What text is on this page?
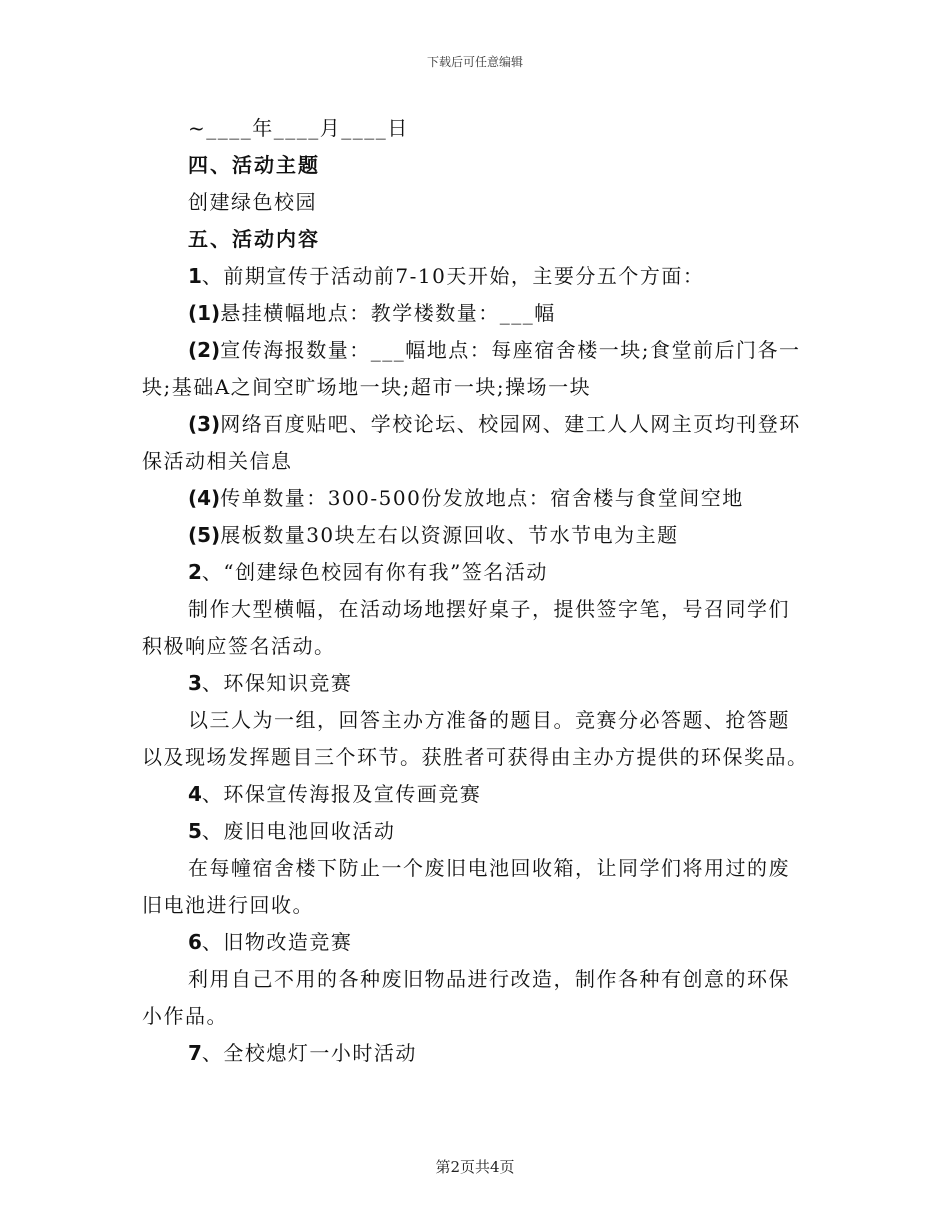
下载后可任意编辑

~____年____月____日

四、活动主题

创建绿色校园

五、活动内容

1、前期宣传于活动前7-10天开始，主要分五个方面：

(1)悬挂横幅地点：教学楼数量：___幅

(2)宣传海报数量：___幅地点：每座宿舍楼一块;食堂前后门各一块;基础A之间空旷场地一块;超市一块;操场一块

(3)网络百度贴吧、学校论坛、校园网、建工人人网主页均刊登环保活动相关信息

(4)传单数量：300-500份发放地点：宿舍楼与食堂间空地

(5)展板数量30块左右以资源回收、节水节电为主题

2、“创建绿色校园有你有我”签名活动

制作大型横幅，在活动场地摆好桌子，提供签字笔，号召同学们积极响应签名活动。

3、环保知识竞赛

以三人为一组，回答主办方准备的题目。竞赛分必答题、抢答题以及现场发挥题目三个环节。获胜者可获得由主办方提供的环保奖品。

4、环保宣传海报及宣传画竞赛

5、废旧电池回收活动

在每幢宿舍楼下防止一个废旧电池回收箱，让同学们将用过的废旧电池进行回收。

6、旧物改造竞赛

利用自己不用的各种废旧物品进行改造，制作各种有创意的环保小作品。

7、全校熄灯一小时活动

第2页共4页
